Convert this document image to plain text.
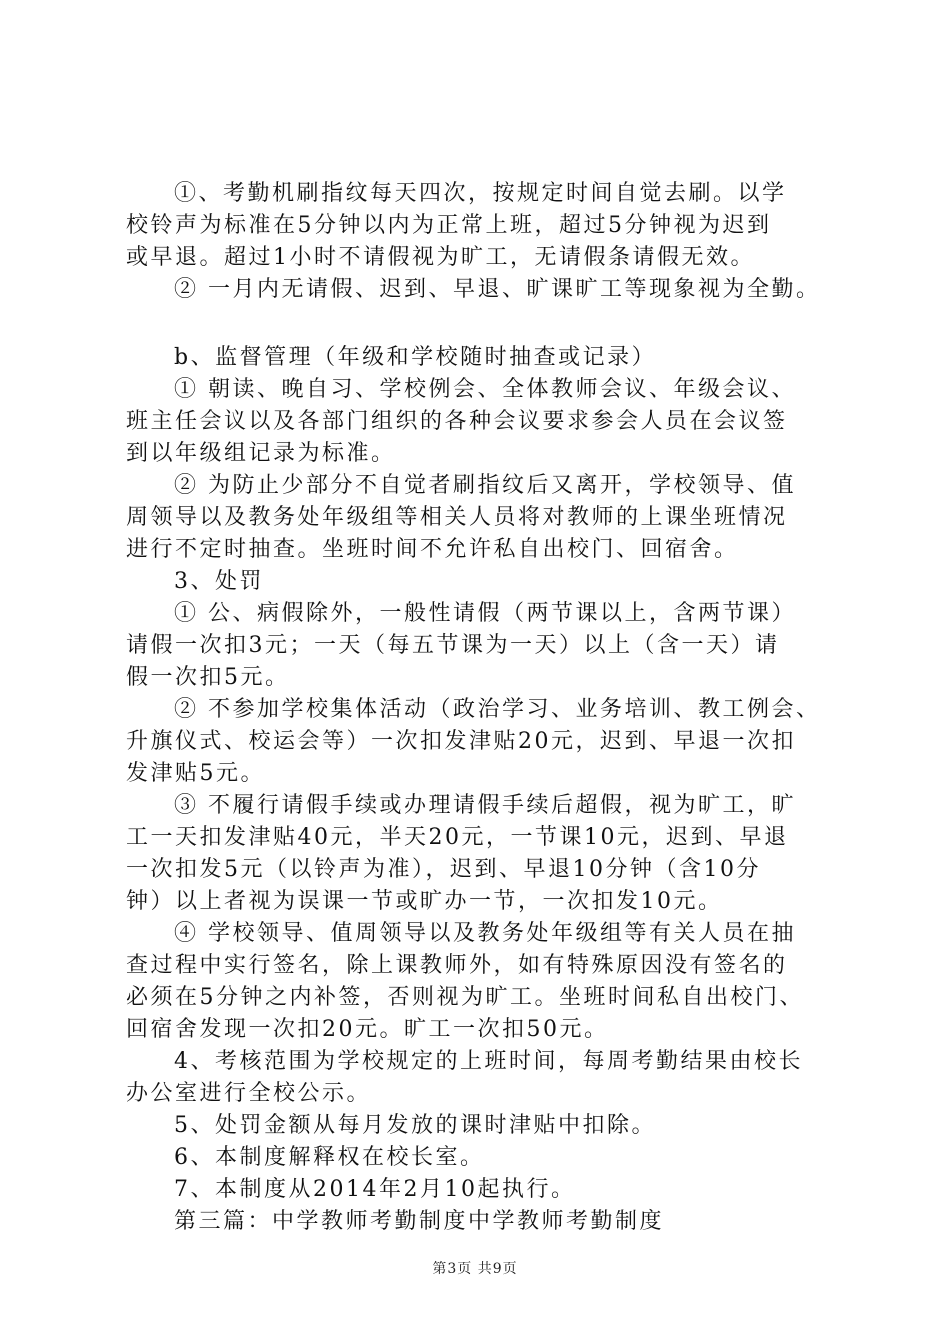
①、考勤机刷指纹每天四次，按规定时间自觉去刷。以学
校铃声为标准在5分钟以内为正常上班，超过5分钟视为迟到
或早退。超过1小时不请假视为旷工，无请假条请假无效。
② 一月内无请假、迟到、早退、旷课旷工等现象视为全勤。
b、监督管理（年级和学校随时抽查或记录）
① 朝读、晚自习、学校例会、全体教师会议、年级会议、
班主任会议以及各部门组织的各种会议要求参会人员在会议签
到以年级组记录为标准。
② 为防止少部分不自觉者刷指纹后又离开，学校领导、值
周领导以及教务处年级组等相关人员将对教师的上课坐班情况
进行不定时抽查。坐班时间不允许私自出校门、回宿舍。
3、处罚
① 公、病假除外，一般性请假（两节课以上，含两节课）
请假一次扣3元；一天（每五节课为一天）以上（含一天）请
假一次扣5元。
② 不参加学校集体活动（政治学习、业务培训、教工例会、
升旗仪式、校运会等）一次扣发津贴20元，迟到、早退一次扣
发津贴5元。
③ 不履行请假手续或办理请假手续后超假，视为旷工，旷
工一天扣发津贴40元，半天20元，一节课10元，迟到、早退
一次扣发5元（以铃声为准），迟到、早退10分钟（含10分
钟）以上者视为误课一节或旷办一节，一次扣发10元。
④ 学校领导、值周领导以及教务处年级组等有关人员在抽
查过程中实行签名，除上课教师外，如有特殊原因没有签名的
必须在5分钟之内补签，否则视为旷工。坐班时间私自出校门、
回宿舍发现一次扣20元。旷工一次扣50元。
4、考核范围为学校规定的上班时间，每周考勤结果由校长
办公室进行全校公示。
5、处罚金额从每月发放的课时津贴中扣除。
6、本制度解释权在校长室。
7、本制度从2014年2月10起执行。
第三篇：中学教师考勤制度中学教师考勤制度
第3页 共9页
